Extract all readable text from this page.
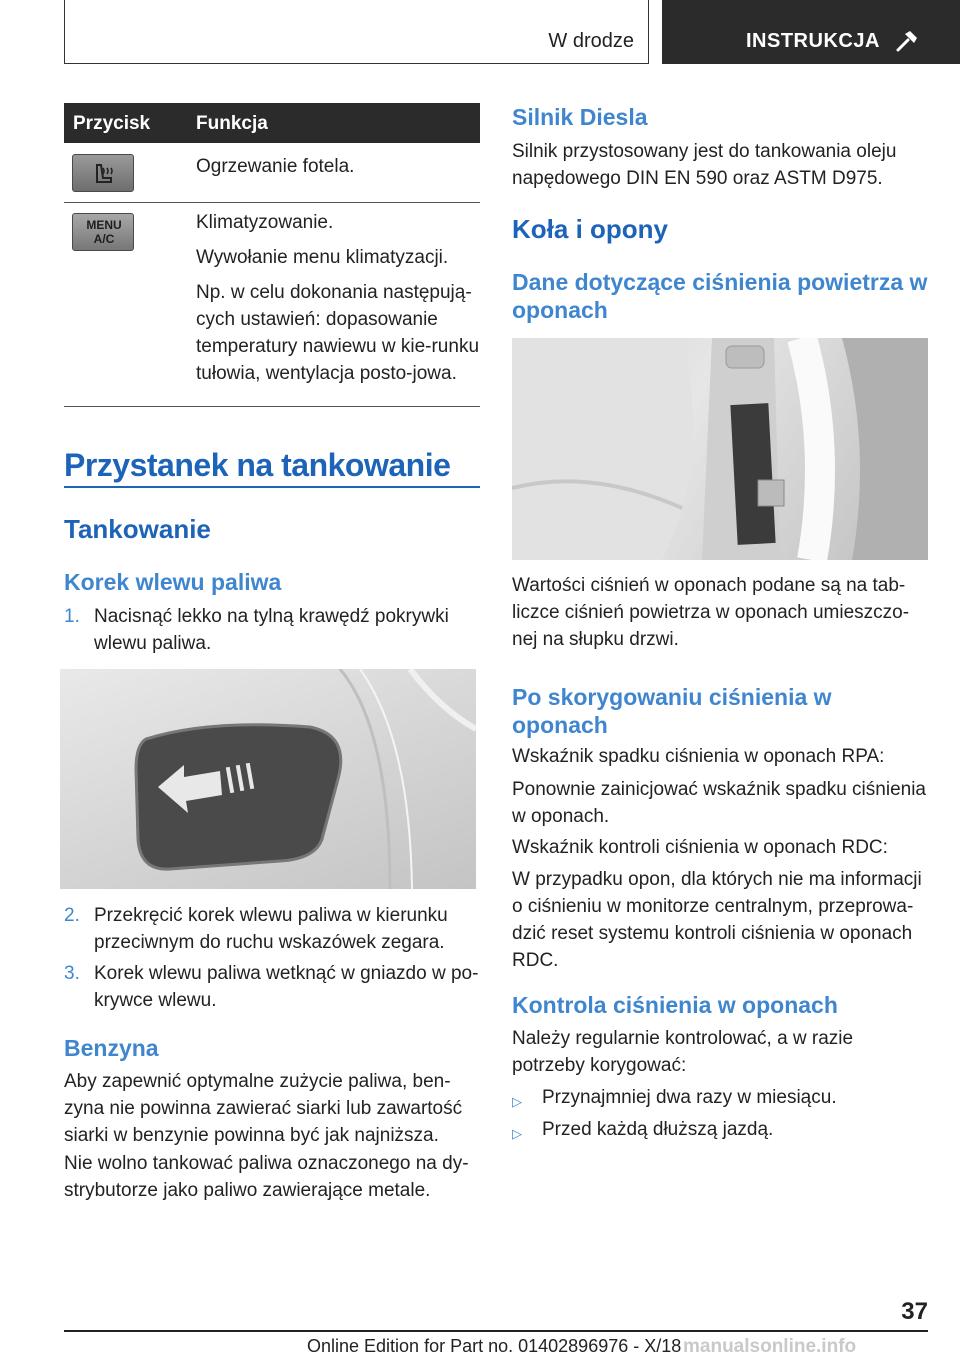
W drodze	INSTRUKCJA
Przycisk Funkcja

Ogrzewanie fotela.

MENU A/C

Klimatyzowanie.

Wywołanie menu klimatyzacji.

Np. w celu dokonania następują-cych ustawień: dopasowanie temperatury nawiewu w kie-runku tułowia, wentylacja posto-jowa.

Przystanek na tankowanie
Tankowanie
Korek wlewu paliwa
1. Nacisnąć lekko na tylną krawędź pokrywki wlewu paliwa.
2. Przekręcić korek wlewu paliwa w kierunku przeciwnym do ruchu wskazówek zegara.
3. Korek wlewu paliwa wetknąć w gniazdo w po-krywce wlewu.
Benzyna

Aby zapewnić optymalne zużycie paliwa, ben-zyna nie powinna zawierać siarki lub zawartość siarki w benzynie powinna być jak najniższa.

Nie wolno tankować paliwa oznaczonego na dy-strybutorze jako paliwo zawierające metale.

Silnik Diesla

Silnik przystosowany jest do tankowania oleju napędowego DIN EN 590 oraz ASTM D975.

Koła i opony
Dane dotyczące ciśnienia powietrza w oponach

Wartości ciśnień w oponach podane są na tab-liczce ciśnień powietrza w oponach umieszczo-nej na słupku drzwi.

Po skorygowaniu ciśnienia w oponach

Wskaźnik spadku ciśnienia w oponach RPA:

Ponownie zainicjować wskaźnik spadku ciśnienia w oponach.

Wskaźnik kontroli ciśnienia w oponach RDC:

W przypadku opon, dla których nie ma informacji o ciśnieniu w monitorze centralnym, przeprowa-dzić reset systemu kontroli ciśnienia w oponach RDC.

Kontrola ciśnienia w oponach

Należy regularnie kontrolować, a w razie potrzeby korygować:

▷ Przynajmniej dwa razy w miesiącu.
▷ Przed każdą dłuższą jazdą.
37
Online Edition for Part no. 01402896976 - X/18 manualsonline.info
